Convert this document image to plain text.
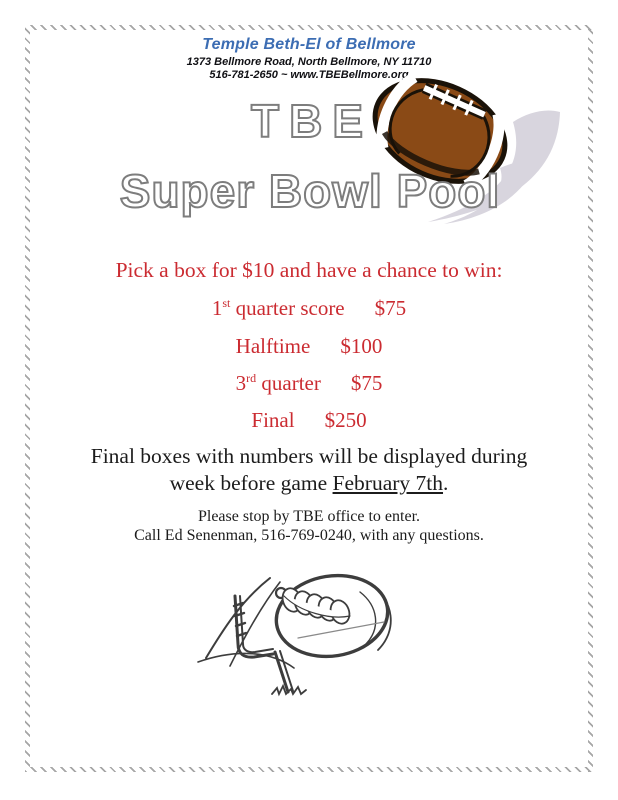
Temple Beth-El of Bellmore
1373 Bellmore Road, North Bellmore, NY 11710
516-781-2650 ~ www.TBEBellmore.org
TBE
Super Bowl Pool
Pick a box for $10 and have a chance to win:
1st quarter score $75
Halftime $100
3rd quarter $75
Final $250
Final boxes with numbers will be displayed during
week before game February 7th.
Please stop by TBE office to enter.
Call Ed Senenman, 516-769-0240, with any questions.
